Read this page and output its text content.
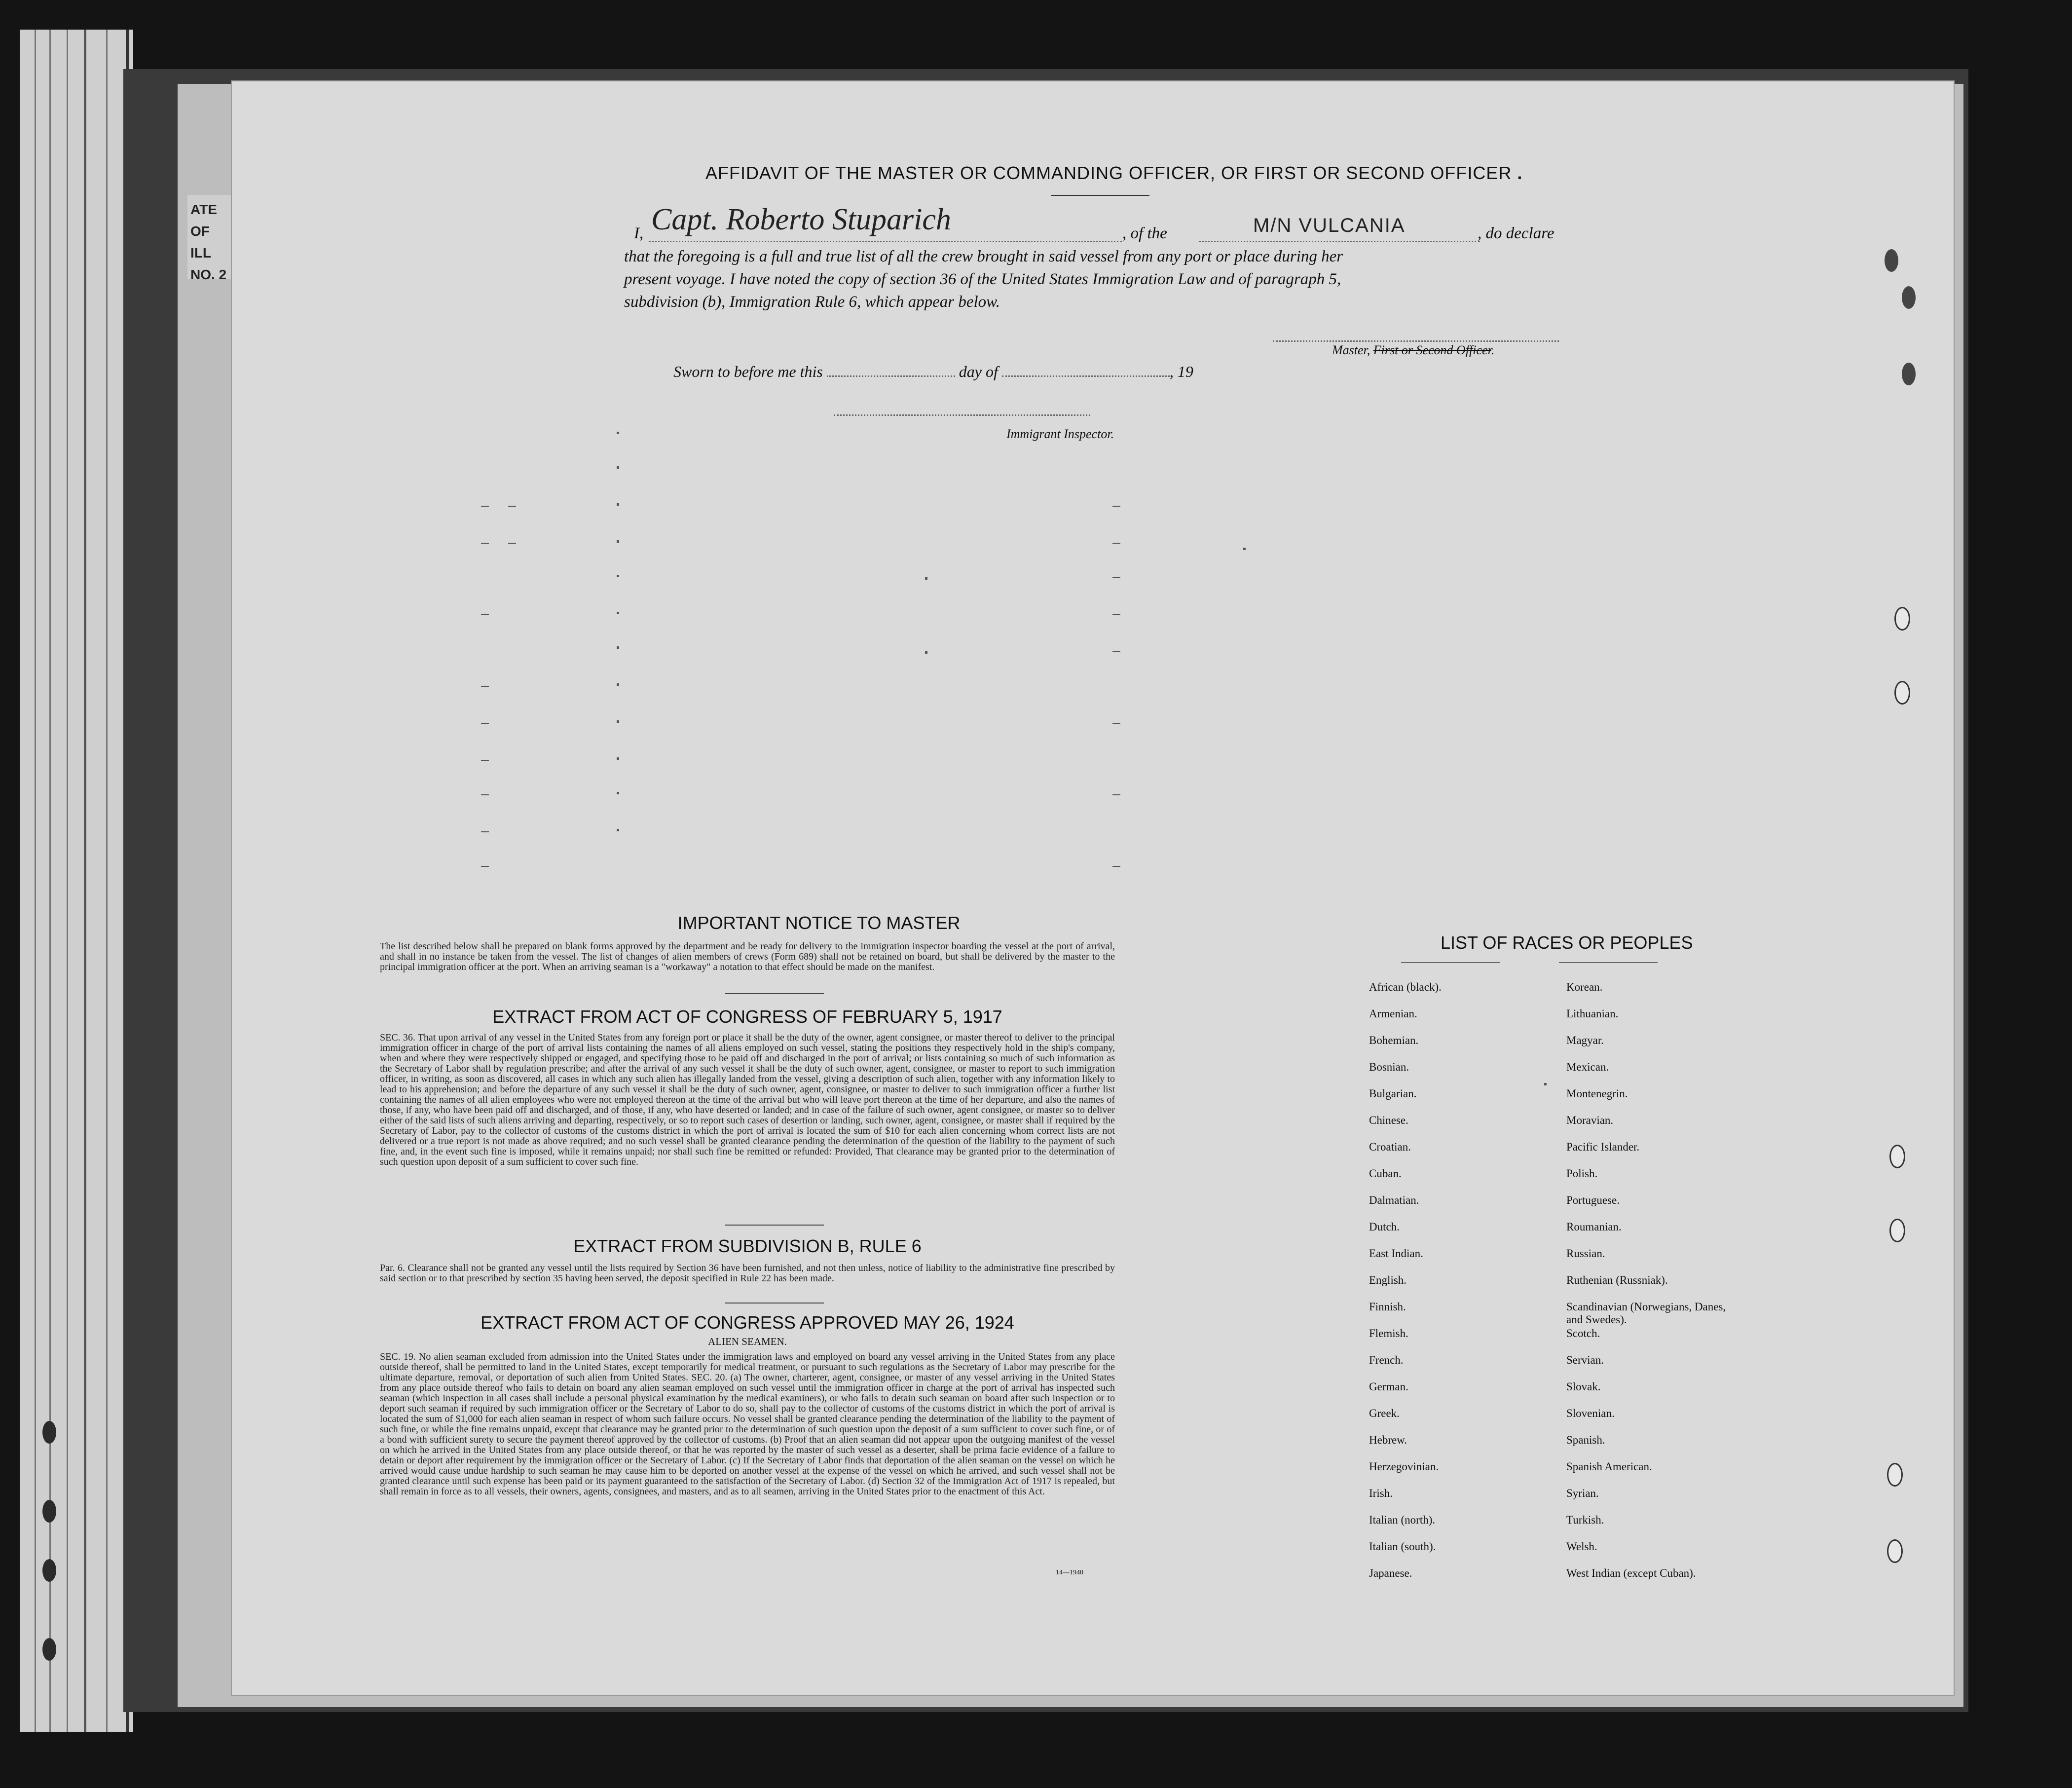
ATE OF
ILL NO. 2
AFFIDAVIT OF THE MASTER OR COMMANDING OFFICER, OR FIRST OR SECOND OFFICER .
I, Capt. Roberto Stuparich	, of the	M/N VULCANIA	, do declare
that the foregoing is a full and true list of all the crew brought in said vessel from any port or place during her
present voyage. I have noted the copy of section 36 of the United States Immigration Law and of paragraph 5,
subdivision (b), Immigration Rule 6, which appear below.
Master, First or Second Officer.
Sworn to before me this	day of	, 19
Immigrant Inspector.
IMPORTANT NOTICE TO MASTER
The list described below shall be prepared on blank forms approved by the department and be ready for delivery to the immigration inspector boarding the vessel at the port of arrival, and shall in no instance be taken from the vessel. The list of changes of alien members of crews (Form 689) shall not be retained on board, but shall be delivered by the master to the principal immigration officer at the port. When an arriving seaman is a "workaway" a notation to that effect should be made on the manifest.
EXTRACT FROM ACT OF CONGRESS OF FEBRUARY 5, 1917
SEC. 36. That upon arrival of any vessel in the United States from any foreign port or place it shall be the duty of the owner, agent consignee, or master thereof to deliver to the principal immigration officer in charge of the port of arrival lists containing the names of all aliens employed on such vessel, stating the positions they respectively hold in the ship's company, when and where they were respectively shipped or engaged, and specifying those to be paid off and discharged in the port of arrival; or lists containing so much of such information as the Secretary of Labor shall by regulation prescribe; and after the arrival of any such vessel it shall be the duty of such owner, agent, consignee, or master to report to such immigration officer, in writing, as soon as discovered, all cases in which any such alien has illegally landed from the vessel, giving a description of such alien, together with any information likely to lead to his apprehension; and before the departure of any such vessel it shall be the duty of such owner, agent, consignee, or master to deliver to such immigration officer a further list containing the names of all alien employees who were not employed thereon at the time of the arrival but who will leave port thereon at the time of her departure, and also the names of those, if any, who have been paid off and discharged, and of those, if any, who have deserted or landed; and in case of the failure of such owner, agent consignee, or master so to deliver either of the said lists of such aliens arriving and departing, respectively, or so to report such cases of desertion or landing, such owner, agent, consignee, or master shall if required by the Secretary of Labor, pay to the collector of customs of the customs district in which the port of arrival is located the sum of $10 for each alien concerning whom correct lists are not delivered or a true report is not made as above required; and no such vessel shall be granted clearance pending the determination of the question of the liability to the payment of such fine, and, in the event such fine is imposed, while it remains unpaid; nor shall such fine be remitted or refunded: Provided, That clearance may be granted prior to the determination of such question upon deposit of a sum sufficient to cover such fine.
EXTRACT FROM SUBDIVISION B, RULE 6
Par. 6. Clearance shall not be granted any vessel until the lists required by Section 36 have been furnished, and not then unless, notice of liability to the administrative fine prescribed by said section or to that prescribed by section 35 having been served, the deposit specified in Rule 22 has been made.
EXTRACT FROM ACT OF CONGRESS APPROVED MAY 26, 1924
ALIEN SEAMEN.
SEC. 19. No alien seaman excluded from admission into the United States under the immigration laws and employed on board any vessel arriving in the United States from any place outside thereof, shall be permitted to land in the United States, except temporarily for medical treatment, or pursuant to such regulations as the Secretary of Labor may prescribe for the ultimate departure, removal, or deportation of such alien from United States. SEC. 20. (a) The owner, charterer, agent, consignee, or master of any vessel arriving in the United States from any place outside thereof who fails to detain on board any alien seaman employed on such vessel until the immigration officer in charge at the port of arrival has inspected such seaman (which inspection in all cases shall include a personal physical examination by the medical examiners), or who fails to detain such seaman on board after such inspection or to deport such seaman if required by such immigration officer or the Secretary of Labor to do so, shall pay to the collector of customs of the customs district in which the port of arrival is located the sum of $1,000 for each alien seaman in respect of whom such failure occurs. No vessel shall be granted clearance pending the determination of the liability to the payment of such fine, or while the fine remains unpaid, except that clearance may be granted prior to the determination of such question upon the deposit of a sum sufficient to cover such fine, or of a bond with sufficient surety to secure the payment thereof approved by the collector of customs. (b) Proof that an alien seaman did not appear upon the outgoing manifest of the vessel on which he arrived in the United States from any place outside thereof, or that he was reported by the master of such vessel as a deserter, shall be prima facie evidence of a failure to detain or deport after requirement by the immigration officer or the Secretary of Labor. (c) If the Secretary of Labor finds that deportation of the alien seaman on the vessel on which he arrived would cause undue hardship to such seaman he may cause him to be deported on another vessel at the expense of the vessel on which he arrived, and such vessel shall not be granted clearance until such expense has been paid or its payment guaranteed to the satisfaction of the Secretary of Labor. (d) Section 32 of the Immigration Act of 1917 is repealed, but shall remain in force as to all vessels, their owners, agents, consignees, and masters, and as to all seamen, arriving in the United States prior to the enactment of this Act.
14—1940
LIST OF RACES OR PEOPLES
African (black).
Armenian.
Bohemian.
Bosnian.
Bulgarian.
Chinese.
Croatian.
Cuban.
Dalmatian.
Dutch.
East Indian.
English.
Finnish.
Flemish.
French.
German.
Greek.
Hebrew.
Herzegovinian.
Irish.
Italian (north).
Italian (south).
Japanese.
Korean.
Lithuanian.
Magyar.
Mexican.
Montenegrin.
Moravian.
Pacific Islander.
Polish.
Portuguese.
Roumanian.
Russian.
Ruthenian (Russniak).
Scandinavian (Norwegians, Danes, and Swedes).
Scotch.
Servian.
Slovak.
Slovenian.
Spanish.
Spanish American.
Syrian.
Turkish.
Welsh.
West Indian (except Cuban).
